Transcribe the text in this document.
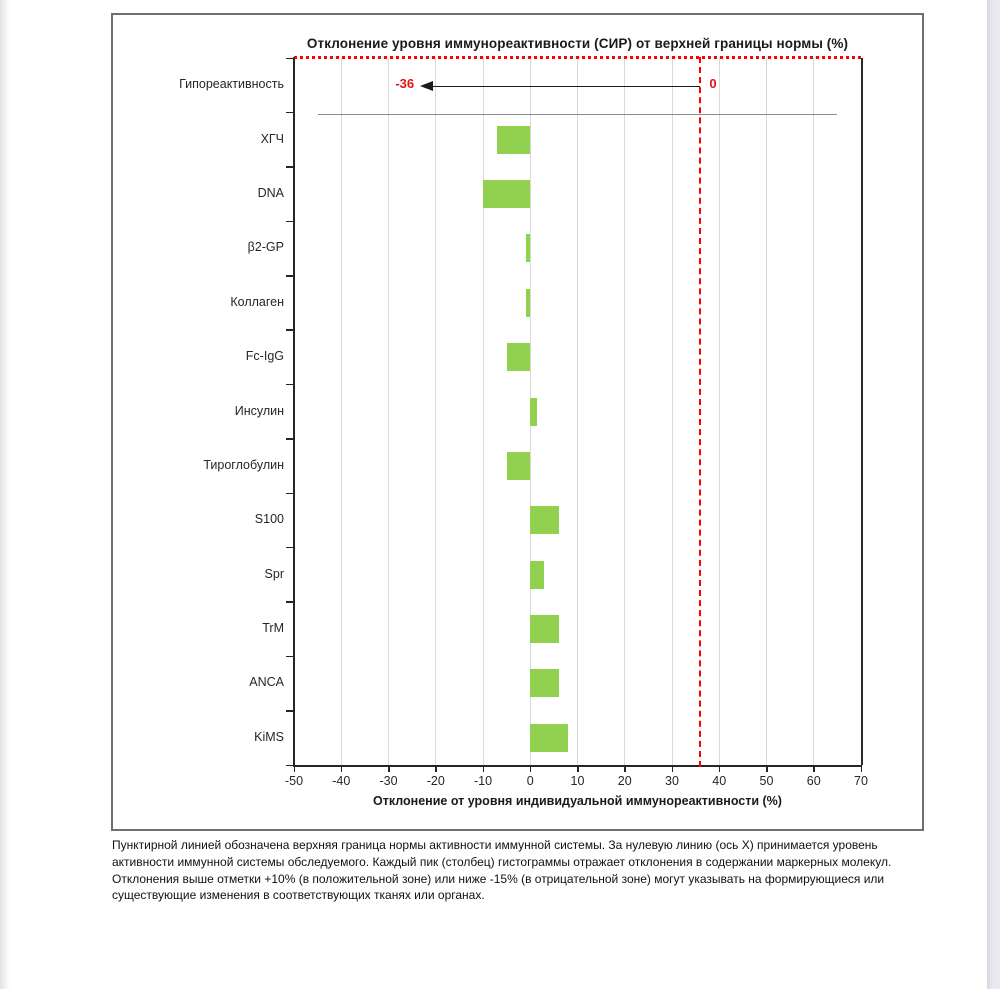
Отклонение уровня иммунореактивности (СИР) от верхней границы нормы (%)
-50	-40	-30	-20	-10	0	10	20	30	40	50	60	70
Отклонение от уровня индивидуальной иммунореактивности (%)
Гипореактивность	-36	0
ХГЧ
DNA
β2-GP
Коллаген
Fc-IgG
Инсулин
Тироглобулин
S100
Spr
TrM
ANCA
KiMS
Пунктирной линией обозначена верхняя граница нормы активности иммунной системы. За нулевую линию (ось X) принимается уровень
активности иммунной системы обследуемого. Каждый пик (столбец) гистограммы отражает отклонения в содержании маркерных молекул.
Отклонения выше отметки +10% (в положительной зоне) или ниже -15% (в отрицательной зоне) могут указывать на формирующиеся или
существующие изменения в соответствующих тканях или органах.
